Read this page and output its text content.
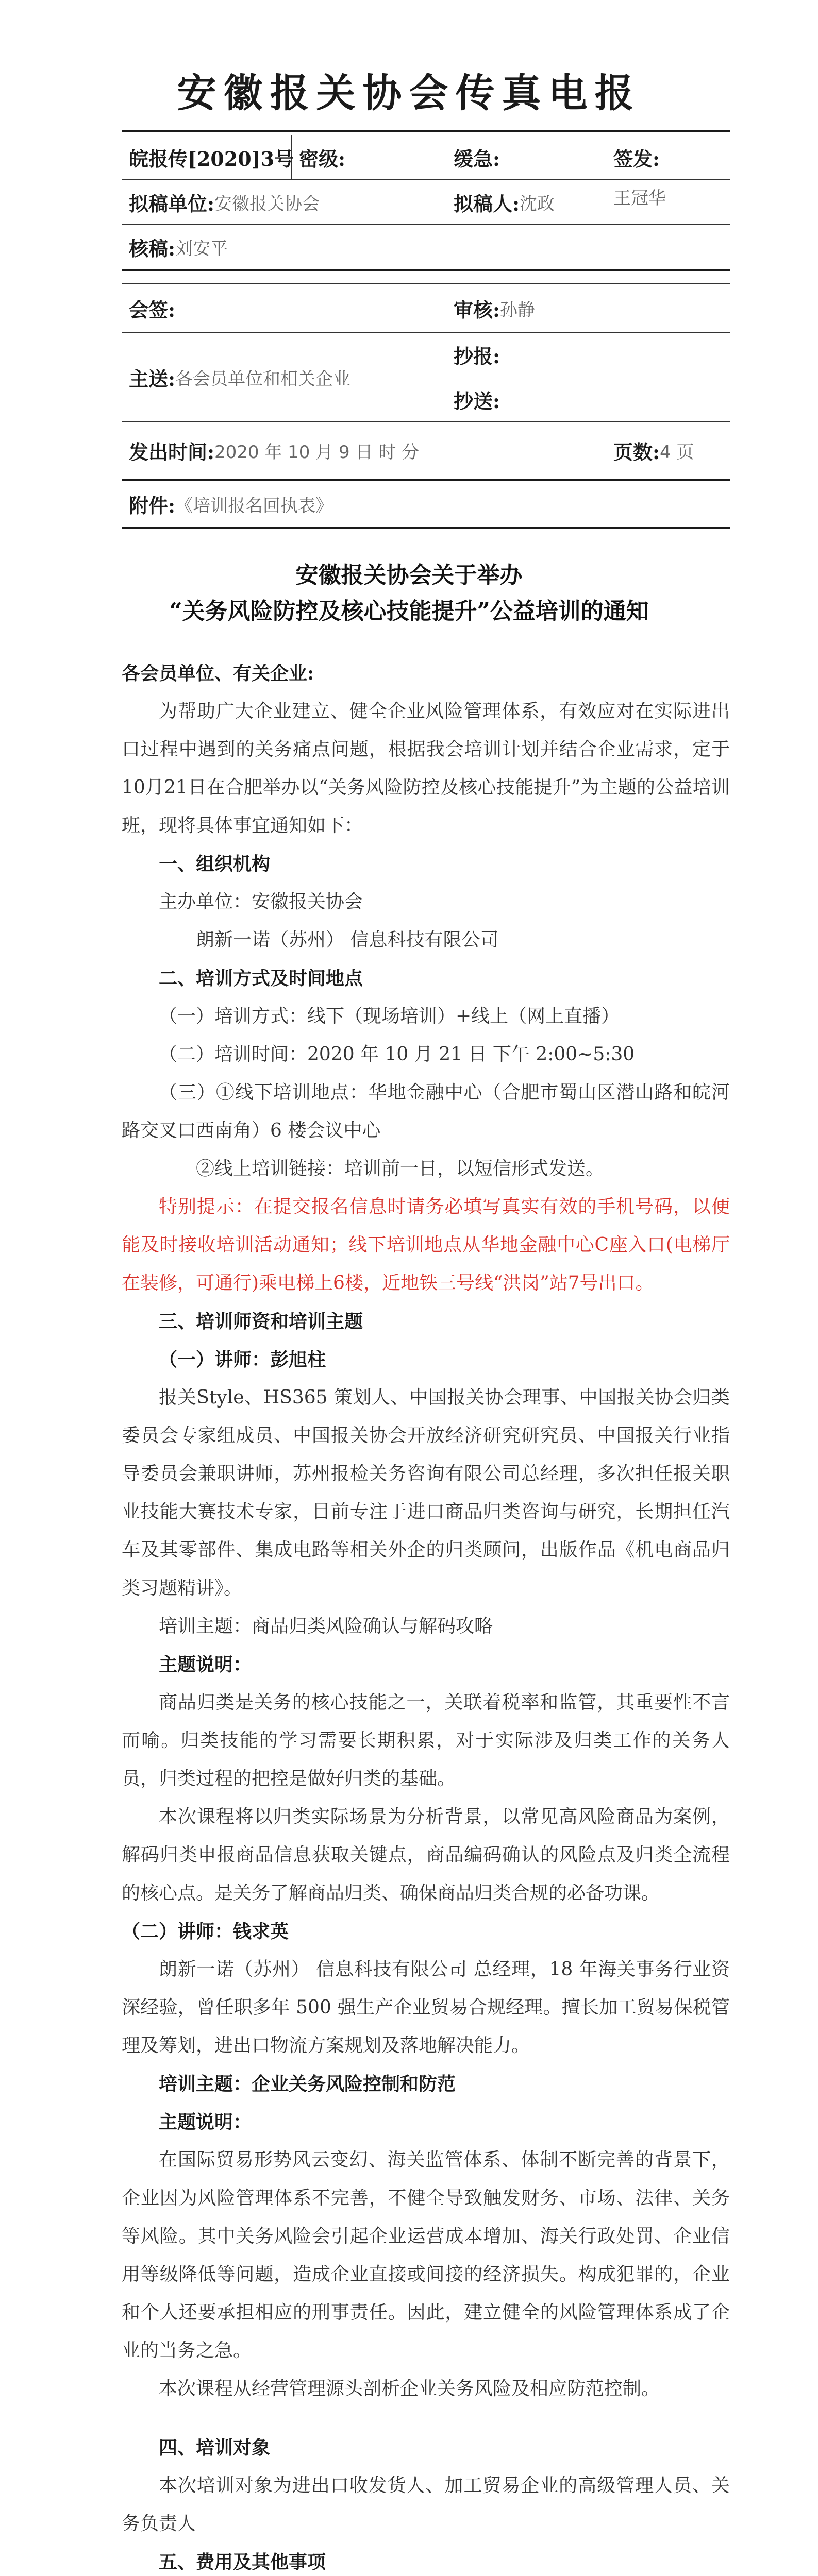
安徽报关协会传真电报
皖报传[2020]3号 密级:	缓急:	签发:
拟稿单位: 安徽报关协会	拟稿人: 沈政	王冠华
核稿: 刘安平
会签:	审核: 孙静
主送: 各会员单位和相关企业
抄报:
抄送:
发出时间: 2020 年 10 月 9 日 时 分	页数: 4 页
附件: 《培训报名回执表》
安徽报关协会关于举办
“关务风险防控及核心技能提升”公益培训的通知

各会员单位、有关企业:

为帮助广大企业建立、健全企业风险管理体系，有效应对在实际进出口过程中遇到的关务痛点问题，根据我会培训计划并结合企业需求，定于10月21日在合肥举办以“关务风险防控及核心技能提升”为主题的公益培训班，现将具体事宜通知如下：

一、组织机构

主办单位：安徽报关协会

朗新一诺（苏州） 信息科技有限公司

二、培训方式及时间地点

（一）培训方式：线下（现场培训）+线上（网上直播）

（二）培训时间：2020 年 10 月 21 日 下午 2:00~5:30

（三）①线下培训地点：华地金融中心（合肥市蜀山区潜山路和皖河路交叉口西南角）6 楼会议中心

②线上培训链接：培训前一日，以短信形式发送。

特别提示：在提交报名信息时请务必填写真实有效的手机号码，以便能及时接收培训活动通知；线下培训地点从华地金融中心C座入口(电梯厅在装修，可通行)乘电梯上6楼，近地铁三号线“洪岗”站7号出口。

三、培训师资和培训主题

（一）讲师：彭旭柱

报关Style、HS365 策划人、中国报关协会理事、中国报关协会归类委员会专家组成员、中国报关协会开放经济研究研究员、中国报关行业指导委员会兼职讲师，苏州报检关务咨询有限公司总经理，多次担任报关职业技能大赛技术专家，目前专注于进口商品归类咨询与研究，长期担任汽车及其零部件、集成电路等相关外企的归类顾问，出版作品《机电商品归类习题精讲》。

培训主题：商品归类风险确认与解码攻略

主题说明：

商品归类是关务的核心技能之一，关联着税率和监管，其重要性不言而喻。归类技能的学习需要长期积累，对于实际涉及归类工作的关务人员，归类过程的把控是做好归类的基础。

本次课程将以归类实际场景为分析背景，以常见高风险商品为案例，解码归类申报商品信息获取关键点，商品编码确认的风险点及归类全流程的核心点。是关务了解商品归类、确保商品归类合规的必备功课。

（二）讲师：钱求英

朗新一诺（苏州） 信息科技有限公司 总经理，18 年海关事务行业资深经验，曾任职多年 500 强生产企业贸易合规经理。擅长加工贸易保税管理及筹划，进出口物流方案规划及落地解决能力。

培训主题：企业关务风险控制和防范

主题说明：

在国际贸易形势风云变幻、海关监管体系、体制不断完善的背景下，企业因为风险管理体系不完善，不健全导致触发财务、市场、法律、关务等风险。其中关务风险会引起企业运营成本增加、海关行政处罚、企业信用等级降低等问题，造成企业直接或间接的经济损失。构成犯罪的，企业和个人还要承担相应的刑事责任。因此，建立健全的风险管理体系成了企业的当务之急。

本次课程从经营管理源头剖析企业关务风险及相应防范控制。

四、培训对象

本次培训对象为进出口收发货人、加工贸易企业的高级管理人员、关务负责人

五、费用及其他事项
